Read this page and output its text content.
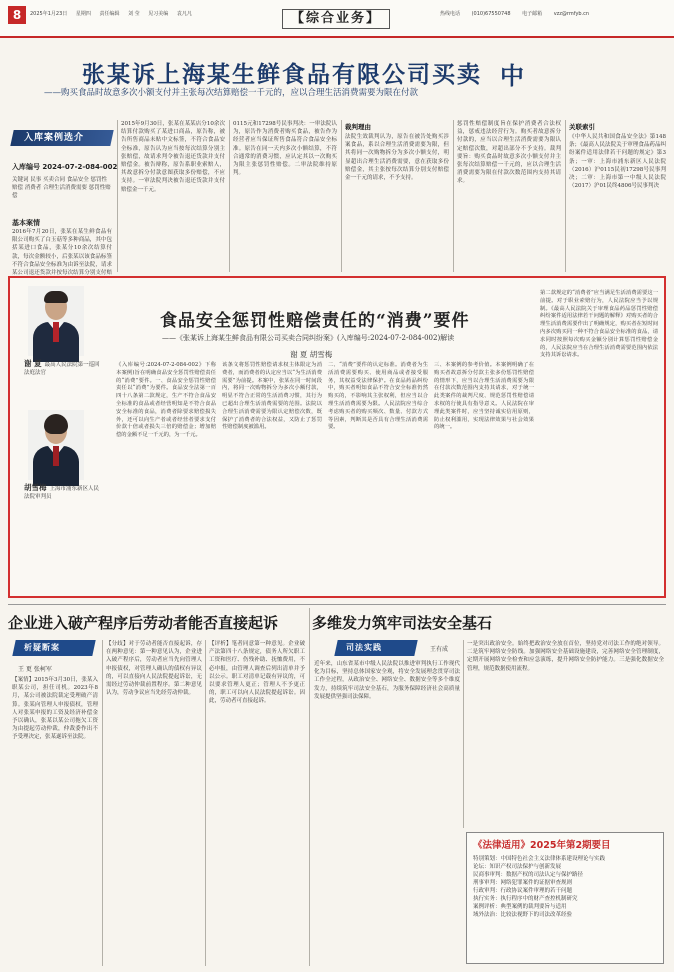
8	2025年1月23日 星期四 责任编辑 刘 莹 见习美编 袁凡凡	【综合业务】	热线电话 (010)67550748 电子邮箱 vzz@rmfyb.cn
张某诉上海某生鲜食品有限公司买卖 中
——购买食品时故意多次小额支付并主张每次结算赔偿一千元的，应以合理生活消费需要为限在付款
入库案例选介
入库编号 2024-07-2-084-002
关键词 民事 买卖合同 食品安全 惩罚性赔偿 消费者 合理生活消费需要 惩罚性赔偿
基本案情
2016年7月20日，张某在某生鲜食品有限公司购买了白玉菇等多种商品，其中包括某进口食品，张某分10余次结算付款，每次金额较小，后张某以该食品标签不符合食品安全标准为由诉至法院，请求某公司退还货款并按每次结算分别支付赔
2015年9月30日，张某在某某店分10余次结算付款购买了某进口商品，原告称，被告所售商品未贴中文标签，不符合食品安全标准，原告认为应当按每次结算分别主张赔偿，故请求判令被告退还货款并支付赔偿金。被告辩称，原告系职业索赔人，其故意拆分付款意图获取多份赔偿，不应支持。一审法院判决被告退还货款并支付赔偿金一千元。
0115元和17298号民事判决：一审法院认为，原告作为消费者购买食品，被告作为经营者应当保证所售食品符合食品安全标准。原告在同一天内多次小额结算，不符合通常的消费习惯，应认定其以一次购买为限主张惩罚性赔偿。二审法院维持原判。
裁判理由
法院生效裁判认为，原告在被告处购买涉案食品，系以合理生活消费需要为限，但其将同一次购物拆分为多次小额支付，明显超出合理生活消费需要，意在获取多份赔偿金，其主张按每次结算分别支付赔偿金一千元的请求，不予支持。
惩罚性赔偿制度旨在保护消费者合法权益，惩戒违法经营行为。购买者故意拆分付款的，应当以合理生活消费需要为限认定赔偿次数，对超出部分不予支持。裁判要旨：购买食品时故意多次小额支付并主张每次结算赔偿一千元的，应以合理生活消费需要为限在付款次数范围内支持其请求。
关联索引
《中华人民共和国食品安全法》第148条；《最高人民法院关于审理食品药品纠纷案件适用法律若干问题的规定》第3条；一审：上海市浦东新区人民法院（2016）沪0115民初17298号民事判决；二审：上海市第一中级人民法院（2017）沪01民终4806号民事判决
食品安全惩罚性赔偿责任的“消费”要件
——《张某诉上海某生鲜食品有限公司买卖合同纠纷案》(入库编号:2024-07-2-084-002)解读
谢 夏 胡雪梅
谢 夏 最高人民法院第一巡回法庭法官
胡雪梅 上海市浦东新区人民法院审判员
《入库编号:2024-07-2-084-002》下称本案例)旨在明确食品安全惩罚性赔偿责任的“消费”要件。一、食品安全惩罚性赔偿责任以“消费”为要件。食品安全法第一百四十八条第二款规定，生产不符合食品安全标准的食品或者经营明知是不符合食品安全标准的食品，消费者除要求赔偿损失外，还可以向生产者或者经营者要求支付价款十倍或者损失三倍的赔偿金；增加赔偿的金额不足一千元的，为一千元。
该条文将惩罚性赔偿请求权主体限定为消费者，而消费者的认定应当以“为生活消费需要”为前提。本案中，张某在同一时间段内，将同一次购物拆分为多次小额付款，明显不符合正常的生活消费习惯，其行为已超出合理生活消费需要的范围。法院以合理生活消费需要为限认定赔偿次数，既保护了消费者的合法权益，又防止了惩罚性赔偿制度被滥用。
二、“消费”要件的认定标准。消费者为生活消费需要购买、使用商品或者接受服务，其权益受法律保护。在食品药品纠纷中，购买者明知食品不符合安全标准仍然购买的，不影响其主张权利，但应当以合理生活消费需要为限。人民法院应当综合考虑购买者的购买频次、数量、付款方式等因素，判断其是否具有合理生活消费需要。
三、本案例的参考价值。本案例明确了在购买者故意拆分付款主张多份惩罚性赔偿的情形下，应当以合理生活消费需要为限在付款次数范围内支持其请求，对于统一此类案件的裁判尺度、规范惩罚性赔偿请求权的行使具有指导意义。人民法院在审理此类案件时，应当坚持诚实信用原则，防止权利滥用，实现法律效果与社会效果的统一。
第二款规定的“消费者”应当满足生活消费需要这一前提。对于职业索赔行为，人民法院应当予以规制。《最高人民法院关于审理食品药品惩罚性赔偿纠纷案件适用法律若干问题的解释》对购买者的合理生活消费需要作出了明确规定，购买者在短时间内多次购买同一种不符合食品安全标准的食品，请求同时按照每次购买金额分别计算惩罚性赔偿金的，人民法院应当在合理生活消费需要范围内依法支持其诉讼请求。
企业进入破产程序后劳动者能否直接起诉
析疑断案
王 更 张柯军
【案情】2015年3月30日，张某入职某公司，担任司机。2023年8月，某公司被法院裁定受理破产清算。张某向管理人申报债权，管理人对张某申报的工资及经济补偿金予以确认，张某以某公司拖欠工资为由提起劳动仲裁，仲裁委作出不予受理决定，张某遂诉至法院。
【分歧】对于劳动者能否直接起诉，存在两种意见：第一种意见认为，企业进入破产程序后，劳动者应当先向管理人申报债权，对管理人确认的债权有异议的，可以直接向人民法院提起诉讼，无需经过劳动仲裁前置程序。第二种意见认为，劳动争议应当先经劳动仲裁。
【评析】笔者同意第一种意见。企业破产法第四十八条规定，债务人所欠职工工资和医疗、伤残补助、抚恤费用，不必申报，由管理人调查后列出清单并予以公示。职工对清单记载有异议的，可以要求管理人更正；管理人不予更正的，职工可以向人民法院提起诉讼。因此，劳动者可直接起诉。
多维发力筑牢司法安全基石
司法实践	王有成
近年来，山东省某市中级人民法院以推进审判执行工作现代化为目标，坚持总体国家安全观，将安全发展理念贯穿司法工作全过程，从政治安全、网络安全、数据安全等多个维度发力，持续筑牢司法安全基石，为服务保障经济社会高质量发展提供坚强司法保障。
一是突出政治安全。始终把政治安全放在首位，坚持党对司法工作的绝对领导。二是筑牢网络安全防线。加强网络安全基础设施建设，完善网络安全管理制度，定期开展网络安全检查和应急演练，提升网络安全防护能力。三是强化数据安全管理，规范数据使用流程。
《法律适用》2025年第2期要目
特别策划：中国特色社会主义法律体系建设理论与实践
论坛：知识产权司法保护与创新发展
民商事审判：数据产权的司法认定与保护路径
刑事审判：网络犯罪案件的证据审查规则
行政审判：行政协议案件审理的若干问题
执行实务：执行程序中的财产查控机制研究
案例评析：典型案例的裁判要旨与适用
域外法治：比较法视野下的司法改革经验
